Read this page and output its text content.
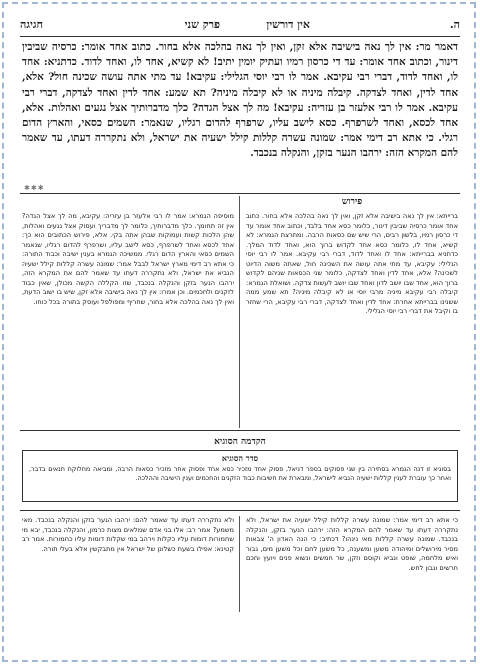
ה.
אין דורשין
פרק שני
חגיגה
דאמר מר: אין לך נאה בישיבה אלא זקן, ואין לך נאה בהלכה אלא בחור. כתוב אחד אומר: כרסיה שביבין דינור, וכתוב אחד אומר: עד די כרסון רמיו ועתיק יומין יתיב! לא קשיא, אחד לו, ואחד לדוד. כדתניא: אחד לו, ואחד לדוד, דברי רבי עקיבא. אמר לו רבי יוסי הגלילי: עקיבא! עד מתי אתה עושה שכינה חול? אלא, אחד לדין, ואחד לצדקה. קיבלה מיניה או לא קיבלה מיניה? תא שמע: אחד לדין ואחד לצדקה, דברי רבי עקיבא. אמר לו רבי אלעזר בן עזריה: עקיבא! מה לך אצל הגדה? כלך מדברותיך אצל נגעים ואהלות. אלא, אחד לכסא, ואחד לשרפרף. כסא לישב עליו, שרפרף להדום רגליו, שנאמר: השמים כסאי, והארץ הדום רגלי. כי אתא רב דימי אמר: שמונה עשרה קללות קילל ישעיה את ישראל, ולא נתקררה דעתו, עד שאמר להם המקרא הזה: ירהבו הנער בזקן, והנקלה בנכבד.
✱✱✱
פירוש
ברייתא: אין לך נאה בישיבה אלא זקן, ואין לך נאה בהלכה אלא בחור. כתוב אחד אומר כרסיה שביבין דינור, כלומר כסא אחד בלבד, וכתוב אחד אומר עד די כרסון רמיו, בלשון רבים, הרי שיש שם כסאות הרבה. ומתרצת הגמרא: לא קשיא, אחד לו, כלומר כסא אחד לקדוש ברוך הוא, ואחד לדוד המלך. כדתניא בברייתא: אחד לו ואחד לדוד, דברי רבי עקיבא. אמר לו רבי יוסי הגלילי: עקיבא, עד מתי אתה עושה את השכינה חול, שאתה משוה הדיוט לשכינה? אלא, אחד לדין ואחד לצדקה, כלומר שני הכסאות שניהם לקדוש ברוך הוא, אחד שבו יושב לדון ואחד שבו יושב לעשות צדקה. ושואלת הגמרא: קיבלה רבי עקיבא מיניה מרבי יוסי או לא קיבלה מיניה? תא שמע ממה ששנינו בברייתא אחרת: אחד לדין ואחד לצדקה, דברי רבי עקיבא, הרי שחזר בו וקיבל את דברי רבי יוסי הגלילי.
מוסיפה הגמרא: אמר לו רבי אלעזר בן עזריה: עקיבא, מה לך אצל הגדה? אין זה תחומך. כלך מדברותיך, כלומר לך מדבריך ועסוק אצל נגעים ואהלות, שהן הלכות קשות ועמוקות שבהן אתה בקי. אלא, פירוש הכתובים הוא כך: אחד לכסא ואחד לשרפרף, כסא לישב עליו, ושרפרף להדום רגליו, שנאמר השמים כסאי והארץ הדום רגלי. ממשיכה הגמרא בענין ישיבה וכבוד התורה: כי אתא רב דימי מארץ ישראל לבבל אמר: שמונה עשרה קללות קילל ישעיה הנביא את ישראל, ולא נתקררה דעתו עד שאמר להם את המקרא הזה, ירהבו הנער בזקן והנקלה בנכבד, שזו הקללה הקשה מכולן, שאין כבוד לזקנים ולחכמים. וכן אמרו: אין לך נאה בישיבה אלא זקן, שיש בו ישוב הדעת, ואין לך נאה בהלכה אלא בחור, שחריף ומפולפל ועוסק בתורה בכל כוחו.
הקדמה הסוגיא
סדר הסוגיא
בסוגיא זו דנה הגמרא בסתירה בין שני פסוקים בספר דניאל, פסוק אחד מזכיר כסא אחד ופסוק אחר מזכיר כסאות הרבה, ומביאה מחלוקת תנאים בדבר, ואחר כך עוברת לענין קללות ישעיה הנביא לישראל, ומבארת את חשיבות כבוד הזקנים והחכמים וענין הישיבה וההלכה.
כי אתא רב דימי אמר: שמונה עשרה קללות קילל ישעיה את ישראל, ולא נתקררה דעתו עד שאמר להם המקרא הזה: ירהבו הנער בזקן, והנקלה בנכבד. שמונה עשרה קללות מאי נינהו? דכתיב: כי הנה האדון ה' צבאות מסיר מירושלים ומיהודה משען ומשענה, כל משען לחם וכל משען מים, גבור ואיש מלחמה, שופט ונביא וקוסם וזקן, שר חמשים ונשוא פנים ויועץ וחכם חרשים ונבון לחש.
ולא נתקררה דעתו עד שאמר להם: ירהבו הנער בזקן והנקלה בנכבד. מאי משמע? אמר רב: אלו בני אדם שמלאים מצות כרמון, והנקלה בנכבד, יבא מי שחמורות דומות עליו כקלות וירהב במי שקלות דומות עליו כחמורות. אמר רב קטינא: אפילו בשעת כשלונן של ישראל אין מתבקשין אלא בעלי תורה.
